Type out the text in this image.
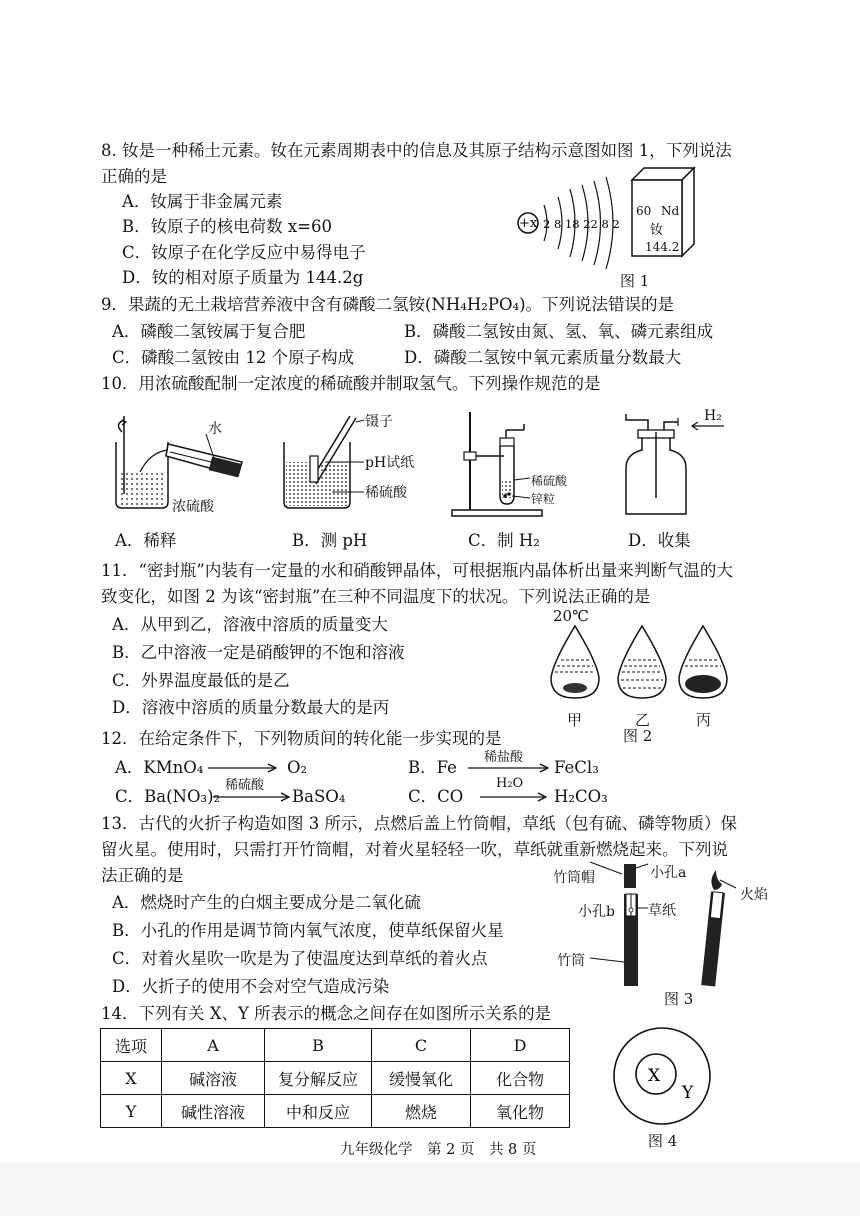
8. 钕是一种稀土元素。钕在元素周期表中的信息及其原子结构示意图如图 1，下列说法
正确的是
A．钕属于非金属元素
B．钕原子的核电荷数 x=60
C．钕原子在化学反应中易得电子
D．钕的相对原子质量为 144.2g
+x 2 8 18 22 8 2
60 Nd
钕
144.2
图 1
9．果蔬的无土栽培营养液中含有磷酸二氢铵(NH₄H₂PO₄)。下列说法错误的是
A．磷酸二氢铵属于复合肥	B．磷酸二氢铵由氮、氢、氧、磷元素组成
C．磷酸二氢铵由 12 个原子构成	D．磷酸二氢铵中氧元素质量分数最大
10．用浓硫酸配制一定浓度的稀硫酸并制取氢气。下列操作规范的是
水
浓硫酸
镊子
pH试纸
稀硫酸
稀硫酸
锌粒
H₂
A．稀释	B．测 pH	C．制 H₂	D．收集
11．“密封瓶”内装有一定量的水和硝酸钾晶体，可根据瓶内晶体析出量来判断气温的大
致变化，如图 2 为该“密封瓶”在三种不同温度下的状况。下列说法正确的是
A．从甲到乙，溶液中溶质的质量变大
B．乙中溶液一定是硝酸钾的不饱和溶液
C．外界温度最低的是乙
D．溶液中溶质的质量分数最大的是丙
20℃
甲	乙	丙
图 2
12．在给定条件下，下列物质间的转化能一步实现的是
A．KMnO₄	O₂	B．Fe
稀盐酸
FeCl₃
C．Ba(NO₃)₂
稀硫酸
BaSO₄	C．CO
H₂O
H₂CO₃
13．古代的火折子构造如图 3 所示，点燃后盖上竹筒帽，草纸（包有硫、磷等物质）保
留火星。使用时，只需打开竹筒帽，对着火星轻轻一吹，草纸就重新燃烧起来。下列说
法正确的是
A．燃烧时产生的白烟主要成分是二氧化硫
B．小孔的作用是调节筒内氧气浓度，使草纸保留火星
C．对着火星吹一吹是为了使温度达到草纸的着火点
D．火折子的使用不会对空气造成污染
竹筒帽	小孔a
小孔b 草纸
竹筒
火焰
图 3
14．下列有关 X、Y 所表示的概念之间存在如图所示关系的是
选项	A	B	C	D
X	碱溶液	复分解反应	缓慢氧化	化合物
Y	碱性溶液	中和反应	燃烧	氧化物
X
Y
图 4
九年级化学　第 2 页　共 8 页
